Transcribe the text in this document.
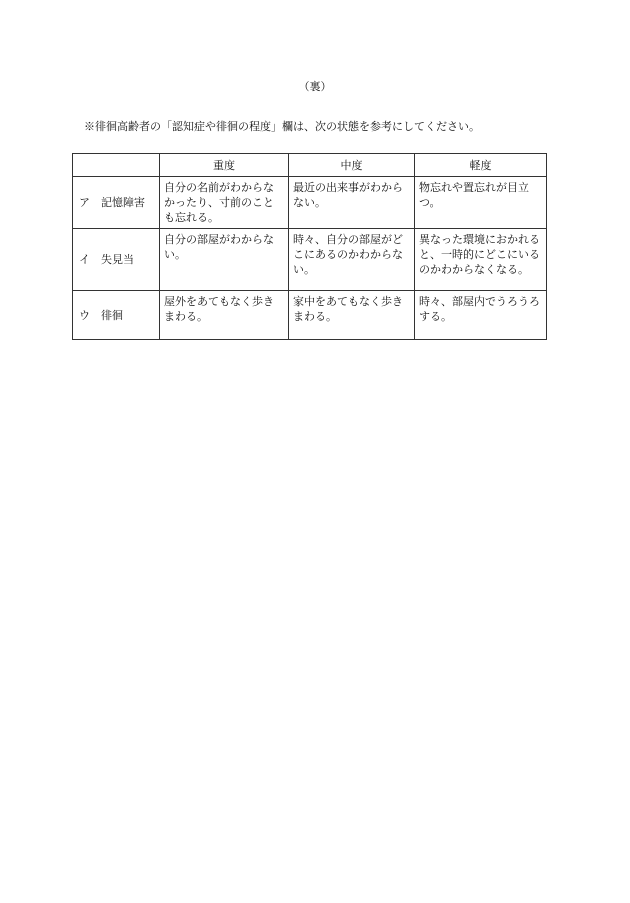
（裏）
※徘徊高齢者の「認知症や徘徊の程度」欄は、次の状態を参考にしてください。
	重度	中度	軽度
ア 記憶障害	自分の名前がわからなかったり、寸前のことも忘れる。	最近の出来事がわからない。	物忘れや置忘れが目立つ。
イ 失見当	自分の部屋がわからない。	時々、自分の部屋がどこにあるのかわからない。	異なった環境におかれると、一時的にどこにいるのかわからなくなる。
ウ 徘徊	屋外をあてもなく歩きまわる。	家中をあてもなく歩きまわる。	時々、部屋内でうろうろする。
